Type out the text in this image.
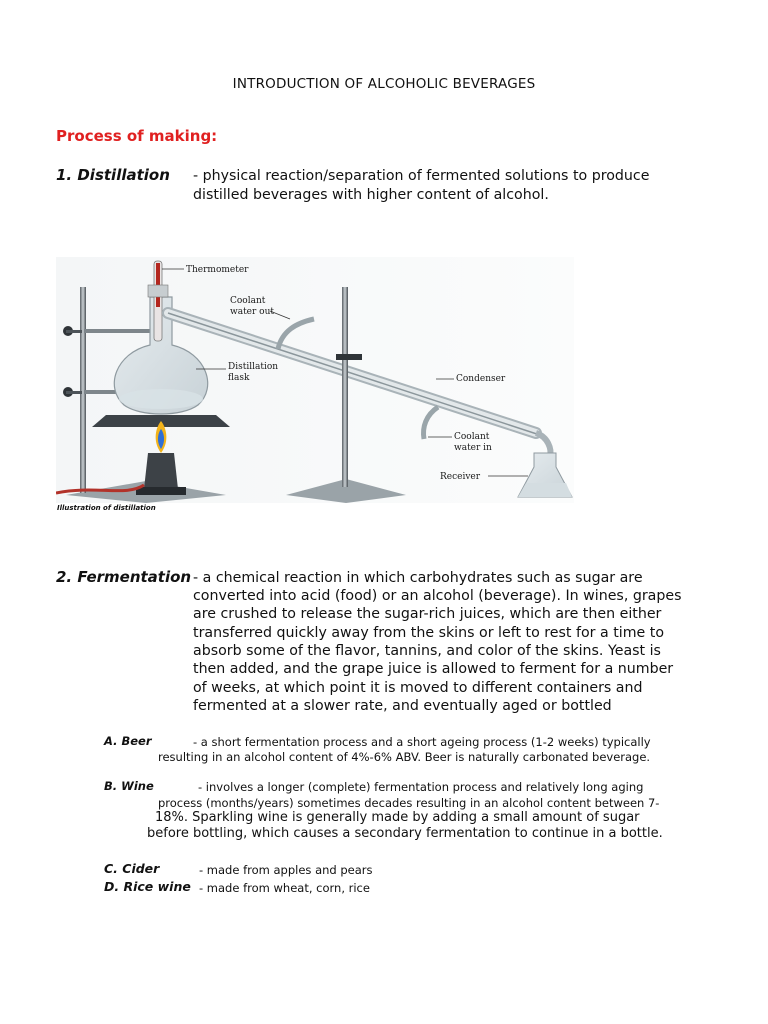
INTRODUCTION OF ALCOHOLIC BEVERAGES
Process of making:
1. Distillation - physical reaction/separation of fermented solutions to produce
distilled beverages with higher content of alcohol.
Thermometer
Coolant
water out
Distillation
flask	Condenser
Coolant
water in
Receiver
Illustration of distillation
2. Fermentation - a chemical reaction in which carbohydrates such as sugar are
converted into acid (food) or an alcohol (beverage). In wines, grapes
are crushed to release the sugar-rich juices, which are then either
transferred quickly away from the skins or left to rest for a time to
absorb some of the flavor, tannins, and color of the skins. Yeast is
then added, and the grape juice is allowed to ferment for a number
of weeks, at which point it is moved to different containers and
fermented at a slower rate, and eventually aged or bottled
A. Beer	- a short fermentation process and a short ageing process (1-2 weeks) typically
resulting in an alcohol content of 4%-6% ABV. Beer is naturally carbonated beverage.
B. Wine	- involves a longer (complete) fermentation process and relatively long aging
process (months/years) sometimes decades resulting in an alcohol content between 7-
18%. Sparkling wine is generally made by adding a small amount of sugar
before bottling, which causes a secondary fermentation to continue in a bottle.
C. Cider	- made from apples and pears
D. Rice wine - made from wheat, corn, rice
